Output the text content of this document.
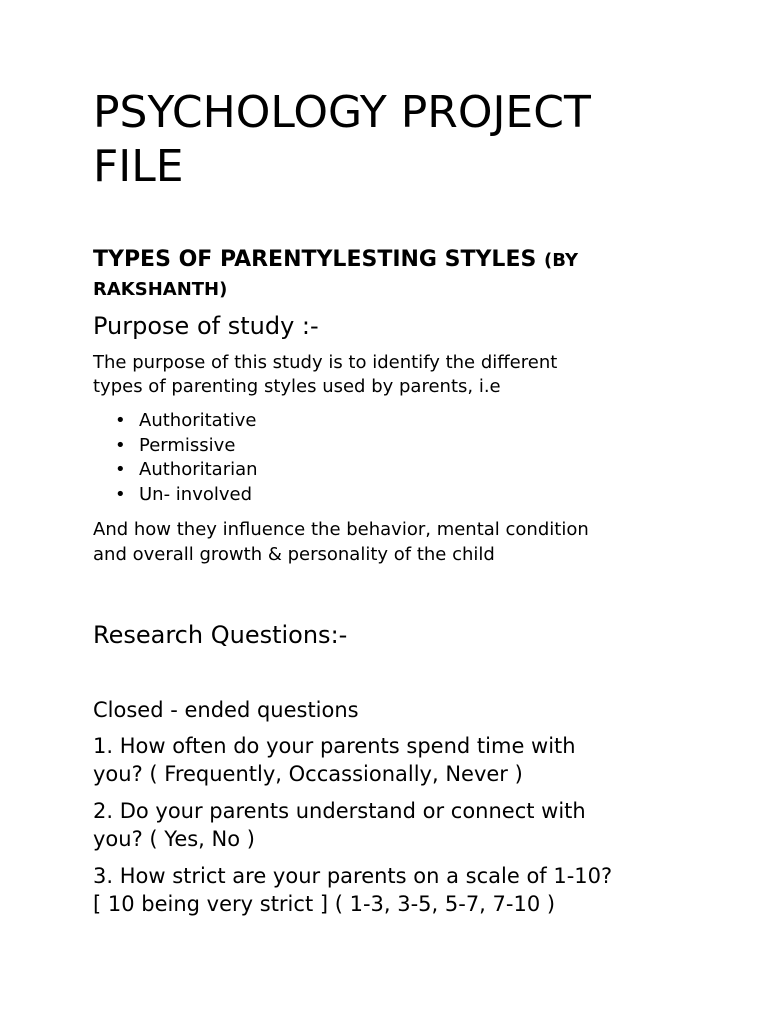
PSYCHOLOGY PROJECT
FILE
TYPES OF PARENTYLESTING STYLES (BY
RAKSHANTH)
Purpose of study :-

The purpose of this study is to identify the different
types of parenting styles used by parents, i.e

• Authoritative
• Permissive
• Authoritarian
• Un- involved

And how they influence the behavior, mental condition
and overall growth & personality of the child

Research Questions:-

Closed - ended questions

1. How often do your parents spend time with
you? ( Frequently, Occassionally, Never )

2. Do your parents understand or connect with
you? ( Yes, No )

3. How strict are your parents on a scale of 1-10?
[ 10 being very strict ] ( 1-3, 3-5, 5-7, 7-10 )
